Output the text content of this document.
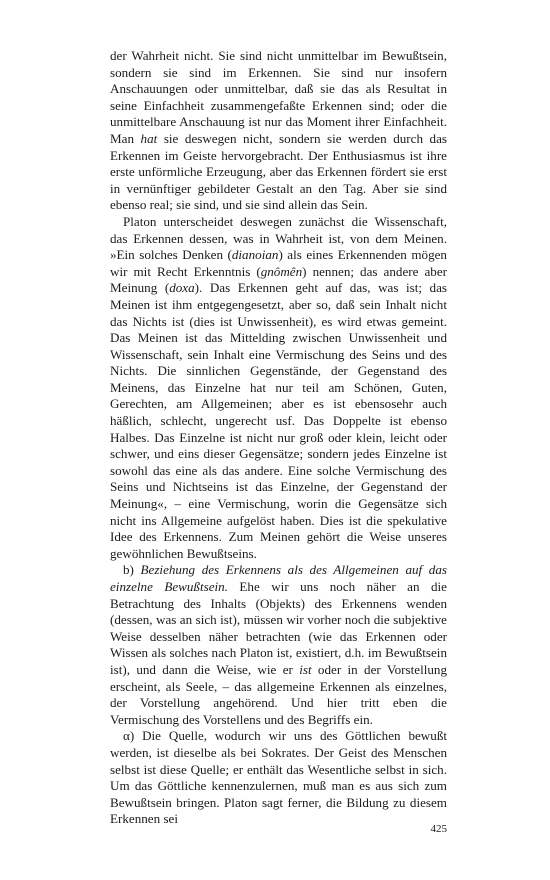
der Wahrheit nicht. Sie sind nicht unmittelbar im Bewußtsein, sondern sie sind im Erkennen. Sie sind nur insofern Anschauungen oder unmittelbar, daß sie das als Resultat in seine Einfachheit zusammengefaßte Erkennen sind; oder die unmittelbare Anschauung ist nur das Moment ihrer Einfachheit. Man hat sie deswegen nicht, sondern sie werden durch das Erkennen im Geiste hervorgebracht. Der Enthusiasmus ist ihre erste unförmliche Erzeugung, aber das Erkennen fördert sie erst in vernünftiger gebildeter Gestalt an den Tag. Aber sie sind ebenso real; sie sind, und sie sind allein das Sein.

Platon unterscheidet deswegen zunächst die Wissenschaft, das Erkennen dessen, was in Wahrheit ist, von dem Meinen. »Ein solches Denken (dianoian) als eines Erkennenden mögen wir mit Recht Erkenntnis (gnômên) nennen; das andere aber Meinung (doxa). Das Erkennen geht auf das, was ist; das Meinen ist ihm entgegengesetzt, aber so, daß sein Inhalt nicht das Nichts ist (dies ist Unwissenheit), es wird etwas gemeint. Das Meinen ist das Mittelding zwischen Unwissenheit und Wissenschaft, sein Inhalt eine Vermischung des Seins und des Nichts. Die sinnlichen Gegenstände, der Gegenstand des Meinens, das Einzelne hat nur teil am Schönen, Guten, Gerechten, am Allgemeinen; aber es ist ebensosehr auch häßlich, schlecht, ungerecht usf. Das Doppelte ist ebenso Halbes. Das Einzelne ist nicht nur groß oder klein, leicht oder schwer, und eins dieser Gegensätze; sondern jedes Einzelne ist sowohl das eine als das andere. Eine solche Vermischung des Seins und Nichtseins ist das Einzelne, der Gegenstand der Meinung«, – eine Vermischung, worin die Gegensätze sich nicht ins Allgemeine aufgelöst haben. Dies ist die spekulative Idee des Erkennens. Zum Meinen gehört die Weise unseres gewöhnlichen Bewußtseins.

b) Beziehung des Erkennens als des Allgemeinen auf das einzelne Bewußtsein. Ehe wir uns noch näher an die Betrachtung des Inhalts (Objekts) des Erkennens wenden (dessen, was an sich ist), müssen wir vorher noch die subjektive Weise desselben näher betrachten (wie das Erkennen oder Wissen als solches nach Platon ist, existiert, d.h. im Bewußtsein ist), und dann die Weise, wie er ist oder in der Vorstellung erscheint, als Seele, – das allgemeine Erkennen als einzelnes, der Vorstellung angehörend. Und hier tritt eben die Vermischung des Vorstellens und des Begriffs ein.

α) Die Quelle, wodurch wir uns des Göttlichen bewußt werden, ist dieselbe als bei Sokrates. Der Geist des Menschen selbst ist diese Quelle; er enthält das Wesentliche selbst in sich. Um das Göttliche kennenzulernen, muß man es aus sich zum Bewußtsein bringen. Platon sagt ferner, die Bildung zu diesem Erkennen sei

425
